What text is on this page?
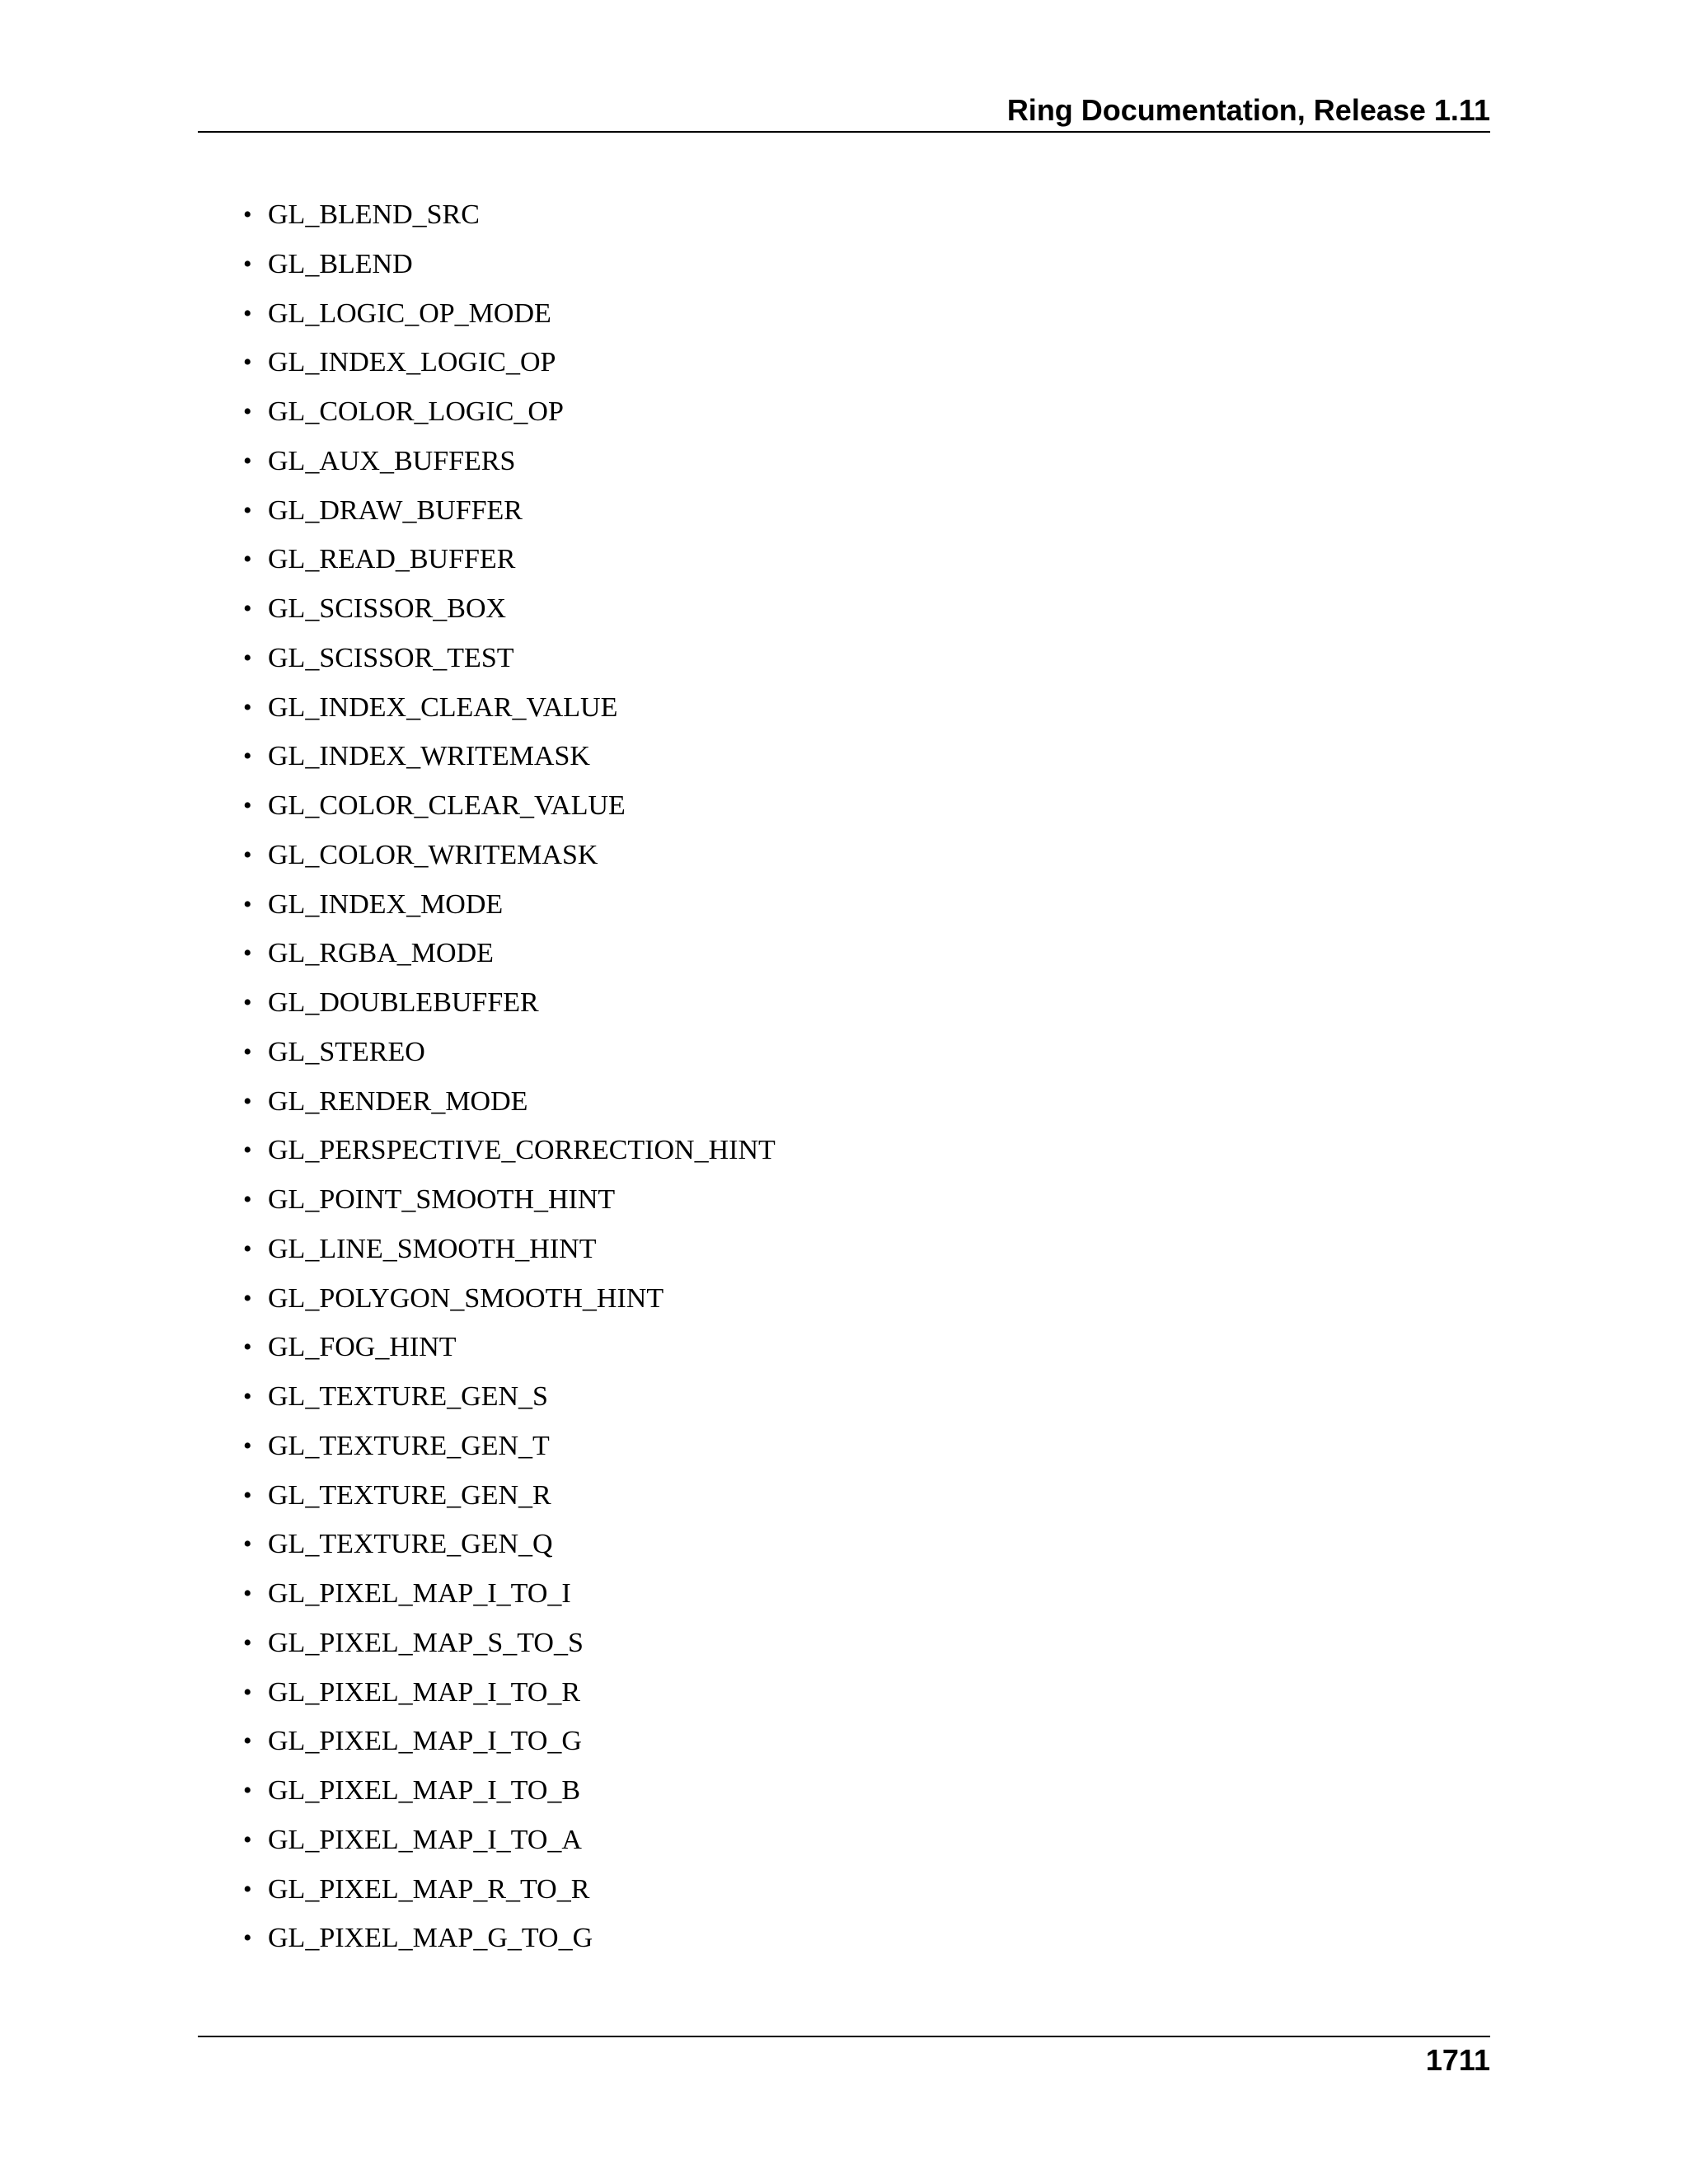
Ring Documentation, Release 1.11
• GL_BLEND_SRC
• GL_BLEND
• GL_LOGIC_OP_MODE
• GL_INDEX_LOGIC_OP
• GL_COLOR_LOGIC_OP
• GL_AUX_BUFFERS
• GL_DRAW_BUFFER
• GL_READ_BUFFER
• GL_SCISSOR_BOX
• GL_SCISSOR_TEST
• GL_INDEX_CLEAR_VALUE
• GL_INDEX_WRITEMASK
• GL_COLOR_CLEAR_VALUE
• GL_COLOR_WRITEMASK
• GL_INDEX_MODE
• GL_RGBA_MODE
• GL_DOUBLEBUFFER
• GL_STEREO
• GL_RENDER_MODE
• GL_PERSPECTIVE_CORRECTION_HINT
• GL_POINT_SMOOTH_HINT
• GL_LINE_SMOOTH_HINT
• GL_POLYGON_SMOOTH_HINT
• GL_FOG_HINT
• GL_TEXTURE_GEN_S
• GL_TEXTURE_GEN_T
• GL_TEXTURE_GEN_R
• GL_TEXTURE_GEN_Q
• GL_PIXEL_MAP_I_TO_I
• GL_PIXEL_MAP_S_TO_S
• GL_PIXEL_MAP_I_TO_R
• GL_PIXEL_MAP_I_TO_G
• GL_PIXEL_MAP_I_TO_B
• GL_PIXEL_MAP_I_TO_A
• GL_PIXEL_MAP_R_TO_R
• GL_PIXEL_MAP_G_TO_G
1711
